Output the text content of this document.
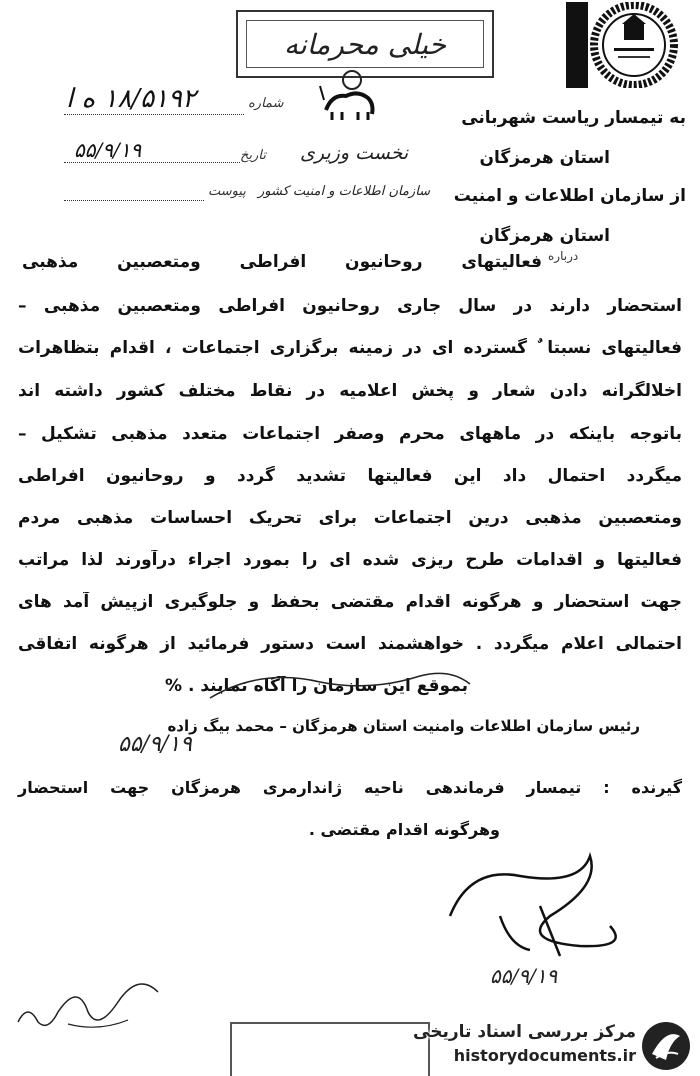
خیلی محرمانه
شماره
۱۸/۵۱۹۲ ه ا
تاریخ
۵۵/۹/۱۹
پیوست
نخست وزیری
سازمان اطلاعات و امنیت کشور
به تیمسار ریاست شهربانی
استان هرمزگان
از سازمان اطلاعات و امنیت
استان هرمزگان
درباره
فعالیتهای روحانیون افراطی ومتعصبین مذهبی
استحضار دارند در سال جاری روحانیون افراطی ومتعصبین مذهبی –
فعالیتهای نسبتا ٌ گسترده ای در زمینه برگزاری اجتماعات ، اقدام بتظاهرات
اخلالگرانه دادن شعار و پخش اعلامیه در نقاط مختلف کشور داشته اند
باتوجه باینکه در ماههای محرم وصفر اجتماعات متعدد مذهبی تشکیل –
میگردد احتمال داد این فعالیتها تشدید گردد و روحانیون افراطی
ومتعصبین مذهبی درین اجتماعات برای تحریک احساسات مذهبی مردم
فعالیتها و اقدامات طرح ریزی شده ای را بمورد اجراء درآورند لذا مراتب
جهت استحضار و هرگونه اقدام مقتضی بحفظ و جلوگیری ازپیش آمد های
احتمالی اعلام میگردد . خواهشمند است دستور فرمائید از هرگونه اتفاقی
بموقع این سازمان را آگاه نمایند . %
رئیس سازمان اطلاعات وامنیت استان هرمزگان – محمد بیگ زاده
۵۵/۹/۱۹
گیرنده : تیمسار فرماندهی ناحیه ژاندارمری هرمزگان جهت استحضار
وهرگونه اقدام مقتضی .
۵۵/۹/۱۹
مرکز بررسی اسناد تاریخی
historydocuments.ir
